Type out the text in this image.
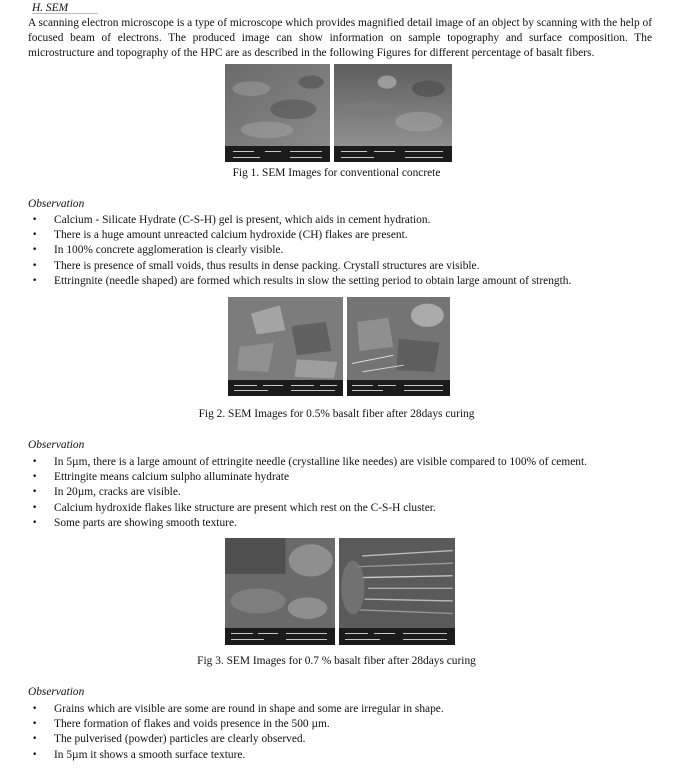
H. SEM
A scanning electron microscope is a type of microscope which provides magnified detail image of an object by scanning with the help of focused beam of electrons. The produced image can show information on sample topography and surface composition. The microstructure and topography of the HPC are as described in the following Figures for different percentage of basalt fibers.
Fig 1. SEM Images for conventional concrete
Observation
• Calcium - Silicate Hydrate (C-S-H) gel is present, which aids in cement hydration.
• There is a huge amount unreacted calcium hydroxide (CH) flakes are present.
• In 100% concrete agglomeration is clearly visible.
• There is presence of small voids, thus results in dense packing. Crystall structures are visible.
• Ettringnite (needle shaped) are formed which results in slow the setting period to obtain large amount of strength.
Fig 2. SEM Images for 0.5% basalt fiber after 28days curing
Observation
• In 5µm, there is a large amount of ettringite needle (crystalline like needes) are visible compared to 100% of cement.
• Ettringite means calcium sulpho alluminate hydrate
• In 20µm, cracks are visible.
• Calcium hydroxide flakes like structure are present which rest on the C-S-H cluster.
• Some parts are showing smooth texture.
Fig 3. SEM Images for 0.7 % basalt fiber after 28days curing
Observation
• Grains which are visible are some are round in shape and some are irregular in shape.
• There formation of flakes and voids presence in the 500 µm.
• The pulverised (powder) particles are clearly observed.
• In 5µm it shows a smooth surface texture.
